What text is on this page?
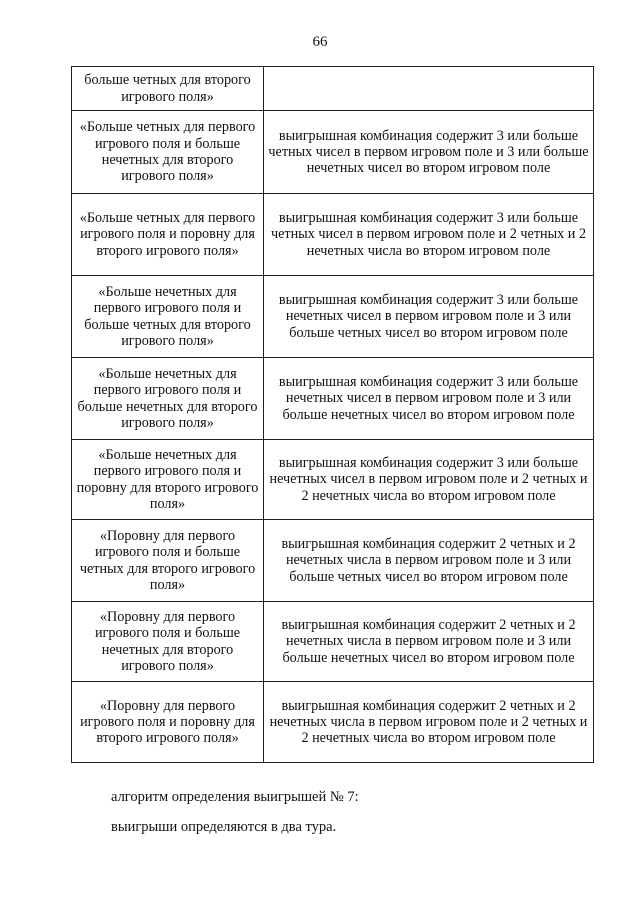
66
больше четных для второго игрового поля»	
«Больше четных для первого игрового поля и больше нечетных для второго игрового поля»	выигрышная комбинация содержит 3 или больше четных чисел в первом игровом поле и 3 или больше нечетных чисел во втором игровом поле
«Больше четных для первого игрового поля и поровну для второго игрового поля»	выигрышная комбинация содержит 3 или больше четных чисел в первом игровом поле и 2 четных и 2 нечетных числа во втором игровом поле
«Больше нечетных для первого игрового поля и больше четных для второго игрового поля»	выигрышная комбинация содержит 3 или больше нечетных чисел в первом игровом поле и 3 или больше четных чисел во втором игровом поле
«Больше нечетных для первого игрового поля и больше нечетных для второго игрового поля»	выигрышная комбинация содержит 3 или больше нечетных чисел в первом игровом поле и 3 или больше нечетных чисел во втором игровом поле
«Больше нечетных для первого игрового поля и поровну для второго игрового поля»	выигрышная комбинация содержит 3 или больше нечетных чисел в первом игровом поле и 2 четных и 2 нечетных числа во втором игровом поле
«Поровну для первого игрового поля и больше четных для второго игрового поля»	выигрышная комбинация содержит 2 четных и 2 нечетных числа в первом игровом поле и 3 или больше четных чисел во втором игровом поле
«Поровну для первого игрового поля и больше нечетных для второго игрового поля»	выигрышная комбинация содержит 2 четных и 2 нечетных числа в первом игровом поле и 3 или больше нечетных чисел во втором игровом поле
«Поровну для первого игрового поля и поровну для второго игрового поля»	выигрышная комбинация содержит 2 четных и 2 нечетных числа в первом игровом поле и 2 четных и 2 нечетных числа во втором игровом поле
алгоритм определения выигрышей № 7:
выигрыши определяются в два тура.
